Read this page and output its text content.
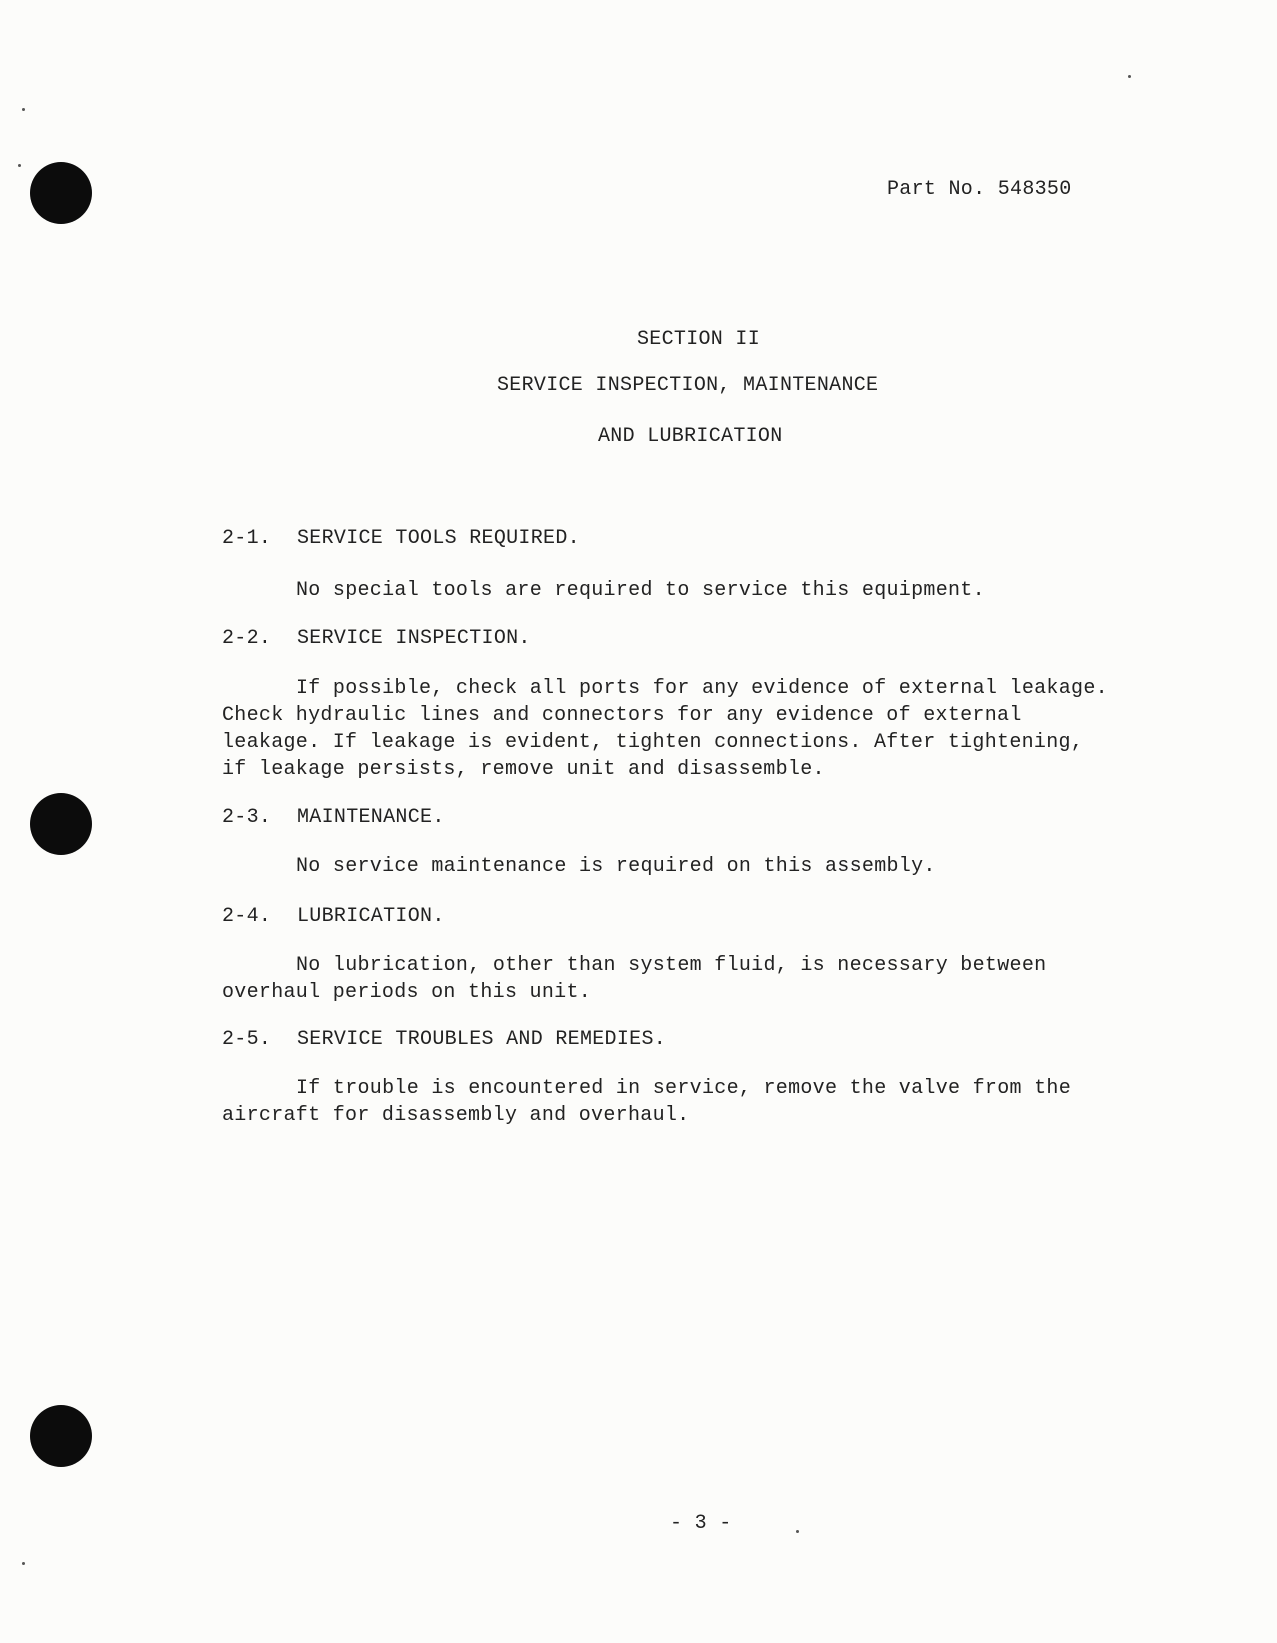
Part No. 548350
SECTION II
SERVICE INSPECTION, MAINTENANCE
AND LUBRICATION
2-1. SERVICE TOOLS REQUIRED.
No special tools are required to service this equipment.
2-2. SERVICE INSPECTION.
If possible, check all ports for any evidence of external leakage. Check hydraulic lines and connectors for any evidence of external leakage. If leakage is evident, tighten connections. After tightening, if leakage persists, remove unit and disassemble.
2-3. MAINTENANCE.
No service maintenance is required on this assembly.
2-4. LUBRICATION.
No lubrication, other than system fluid, is necessary between overhaul periods on this unit.
2-5. SERVICE TROUBLES AND REMEDIES.
If trouble is encountered in service, remove the valve from the aircraft for disassembly and overhaul.
- 3 -
